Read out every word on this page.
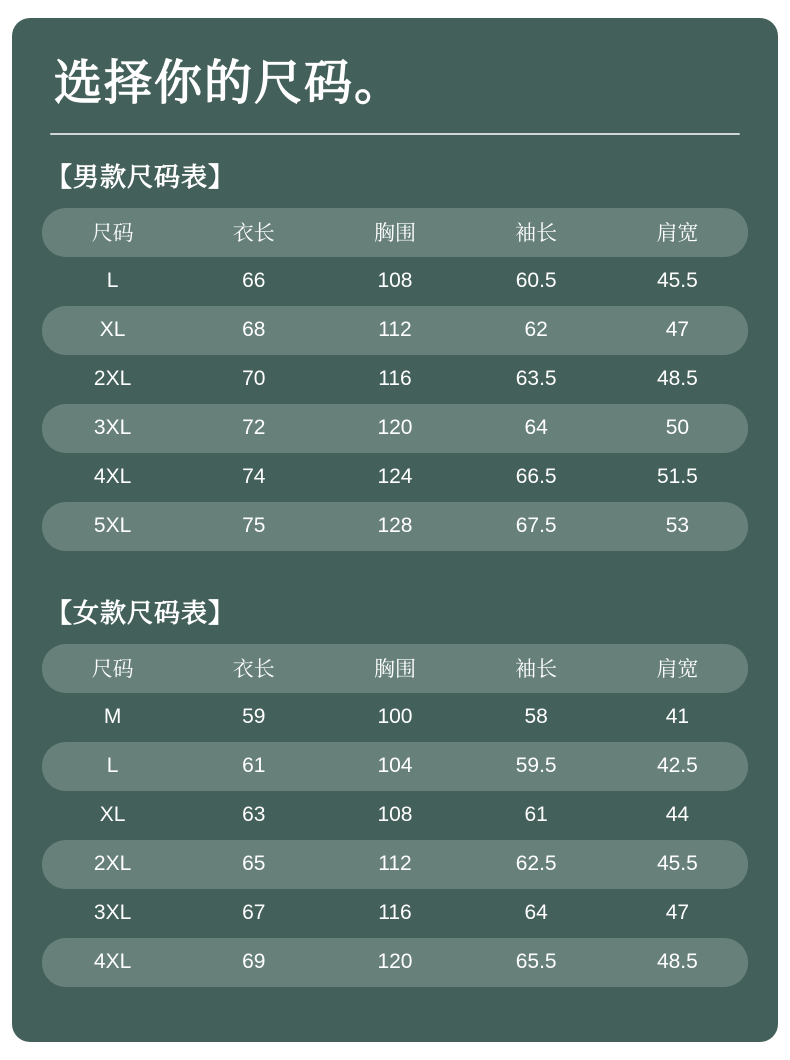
选择你的尺码。
【男款尺码表】
尺码	衣长	胸围	袖长	肩宽
L	66	108	60.5	45.5
XL	68	112	62	47
2XL	70	116	63.5	48.5
3XL	72	120	64	50
4XL	74	124	66.5	51.5
5XL	75	128	67.5	53
【女款尺码表】
尺码	衣长	胸围	袖长	肩宽
M	59	100	58	41
L	61	104	59.5	42.5
XL	63	108	61	44
2XL	65	112	62.5	45.5
3XL	67	116	64	47
4XL	69	120	65.5	48.5
